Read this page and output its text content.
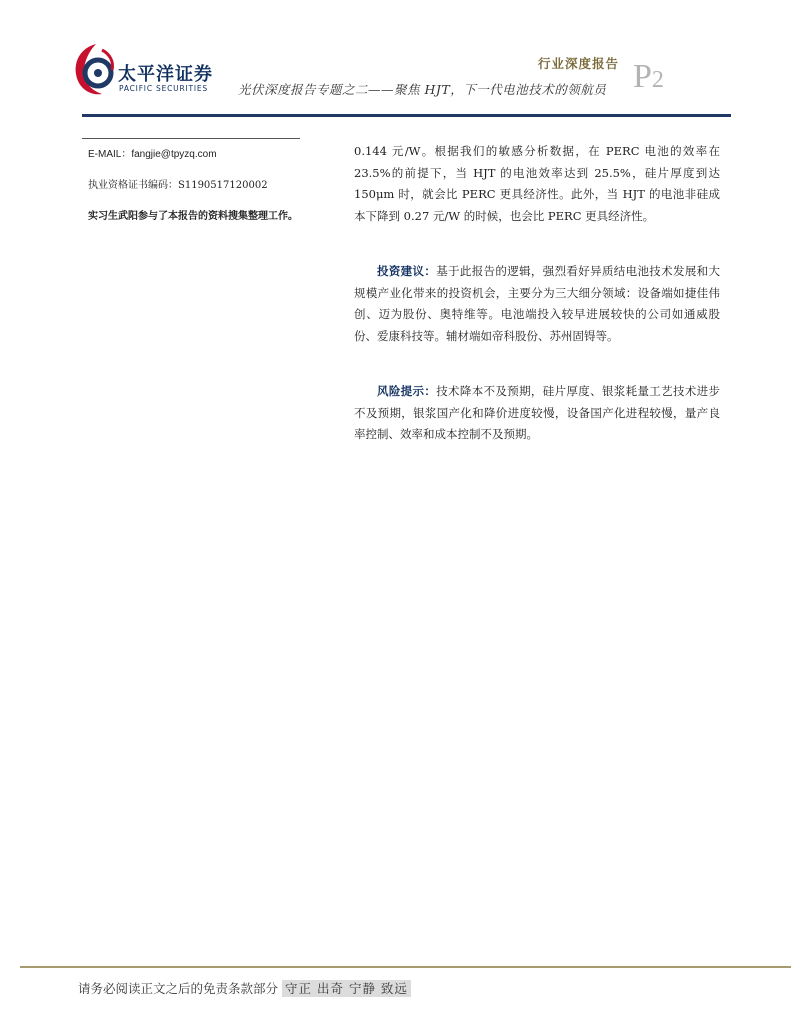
太平洋证券
PACIFIC SECURITIES
行业深度报告 P2
光伏深度报告专题之二——聚焦 HJT，下一代电池技术的领航员
E-MAIL：fangjie@tpyzq.com
执业资格证书编码：S1190517120002
实习生武阳参与了本报告的资料搜集整理工作。

0.144 元/W。根据我们的敏感分析数据，在 PERC 电池的效率在 23.5%的前提下，当 HJT 的电池效率达到 25.5%，硅片厚度到达 150μm 时，就会比 PERC 更具经济性。此外，当 HJT 的电池非硅成本下降到 0.27 元/W 的时候，也会比 PERC 更具经济性。

投资建议：基于此报告的逻辑，强烈看好异质结电池技术发展和大规模产业化带来的投资机会，主要分为三大细分领域：设备端如捷佳伟创、迈为股份、奥特维等。电池端投入较早进展较快的公司如通威股份、爱康科技等。辅材端如帝科股份、苏州固锝等。

风险提示：技术降本不及预期，硅片厚度、银浆耗量工艺技术进步不及预期，银浆国产化和降价进度较慢，设备国产化进程较慢，量产良率控制、效率和成本控制不及预期。

请务必阅读正文之后的免责条款部分 守正 出奇 宁静 致远
